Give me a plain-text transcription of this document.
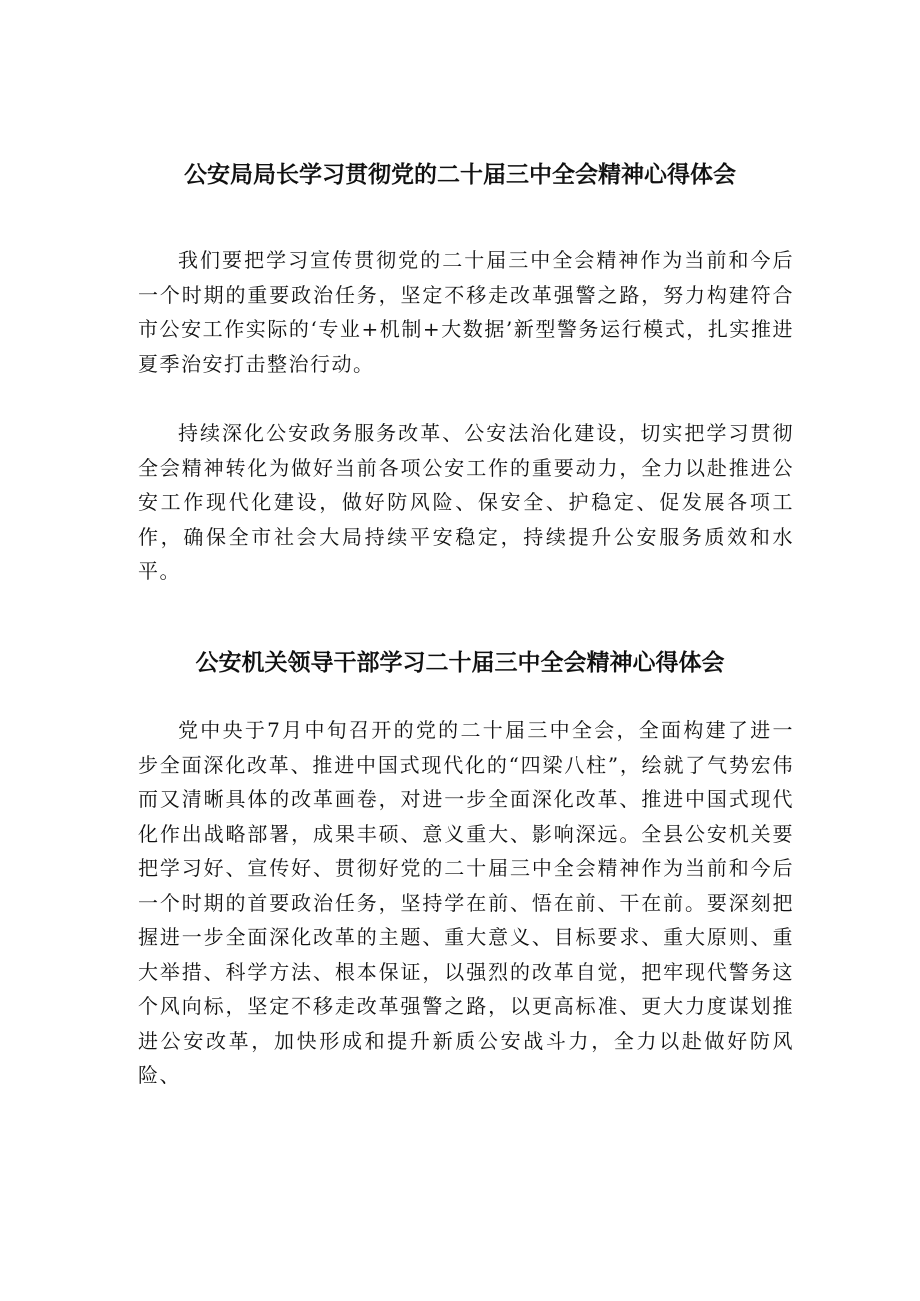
公安局局长学习贯彻党的二十届三中全会精神心得体会

我们要把学习宣传贯彻党的二十届三中全会精神作为当前和今后一个时期的重要政治任务，坚定不移走改革强警之路，努力构建符合市公安工作实际的‘专业+机制+大数据’新型警务运行模式，扎实推进夏季治安打击整治行动。

持续深化公安政务服务改革、公安法治化建设，切实把学习贯彻全会精神转化为做好当前各项公安工作的重要动力，全力以赴推进公安工作现代化建设，做好防风险、保安全、护稳定、促发展各项工作，确保全市社会大局持续平安稳定，持续提升公安服务质效和水平。

公安机关领导干部学习二十届三中全会精神心得体会

党中央于7月中旬召开的党的二十届三中全会，全面构建了进一步全面深化改革、推进中国式现代化的“四梁八柱”，绘就了气势宏伟而又清晰具体的改革画卷，对进一步全面深化改革、推进中国式现代化作出战略部署，成果丰硕、意义重大、影响深远。全县公安机关要把学习好、宣传好、贯彻好党的二十届三中全会精神作为当前和今后一个时期的首要政治任务，坚持学在前、悟在前、干在前。要深刻把握进一步全面深化改革的主题、重大意义、目标要求、重大原则、重大举措、科学方法、根本保证，以强烈的改革自觉，把牢现代警务这个风向标，坚定不移走改革强警之路，以更高标准、更大力度谋划推进公安改革，加快形成和提升新质公安战斗力，全力以赴做好防风险、
